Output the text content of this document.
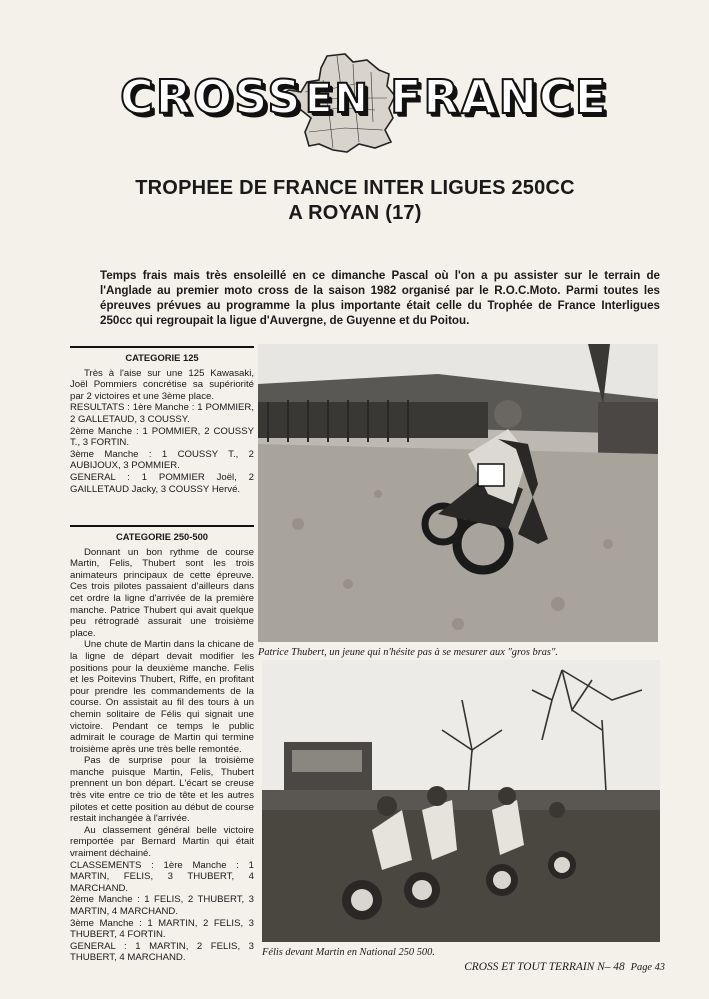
CROSS EN FRANCE
TROPHEE DE FRANCE INTER LIGUES 250CC
A ROYAN (17)

Temps frais mais très ensoleillé en ce dimanche Pascal où l'on a pu assister sur le terrain de l'Anglade au premier moto cross de la saison 1982 organisé par le R.O.C.Moto. Parmi toutes les épreuves prévues au programme la plus importante était celle du Trophée de France Interligues 250cc qui regroupait la ligue d'Auvergne, de Guyenne et du Poitou.

CATEGORIE 125

Très à l'aise sur une 125 Kawasaki, Joël Pommiers concrétise sa supériorité par 2 victoires et une 3ème place.

RESULTATS : 1ère Manche : 1 POMMIER, 2 GALLETAUD, 3 COUSSY.

2ème Manche : 1 POMMIER, 2 COUSSY T., 3 FORTIN.

3ème Manche : 1 COUSSY T., 2 AUBIJOUX, 3 POMMIER.

GENERAL : 1 POMMIER Joël, 2 GAILLETAUD Jacky, 3 COUSSY Hervé.

CATEGORIE 250-500

Donnant un bon rythme de course Martin, Felis, Thubert sont les trois animateurs principaux de cette épreuve. Ces trois pilotes passaient d'ailleurs dans cet ordre la ligne d'arrivée de la première manche. Patrice Thubert qui avait quelque peu rétrogradé assurait une troisième place.

Une chute de Martin dans la chicane de la ligne de départ devait modifier les positions pour la deuxième manche. Felis et les Poitevins Thubert, Riffe, en profitant pour prendre les commandements de la course. On assistait au fil des tours à un chemin solitaire de Félis qui signait une victoire. Pendant ce temps le public admirait le courage de Martin qui termine troisième après une très belle remontée.

Pas de surprise pour la troisième manche puisque Martin, Felis, Thubert prennent un bon départ. L'écart se creuse très vite entre ce trio de tête et les autres pilotes et cette position au début de course restait inchangée à l'arrivée.

Au classement général belle victoire remportée par Bernard Martin qui était vraiment déchainé.

CLASSEMENTS : 1ère Manche : 1 MARTIN, FELIS, 3 THUBERT, 4 MARCHAND.

2ème Manche : 1 FELIS, 2 THUBERT, 3 MARTIN, 4 MARCHAND.

3ème Manche : 1 MARTIN, 2 FELIS, 3 THUBERT, 4 FORTIN.

GENERAL : 1 MARTIN, 2 FELIS, 3 THUBERT, 4 MARCHAND.

Patrice Thubert, un jeune qui n'hésite pas à se mesurer aux "gros bras".
Félis devant Martin en National 250 500.
CROSS ET TOUT TERRAIN N– 48 Page 43
